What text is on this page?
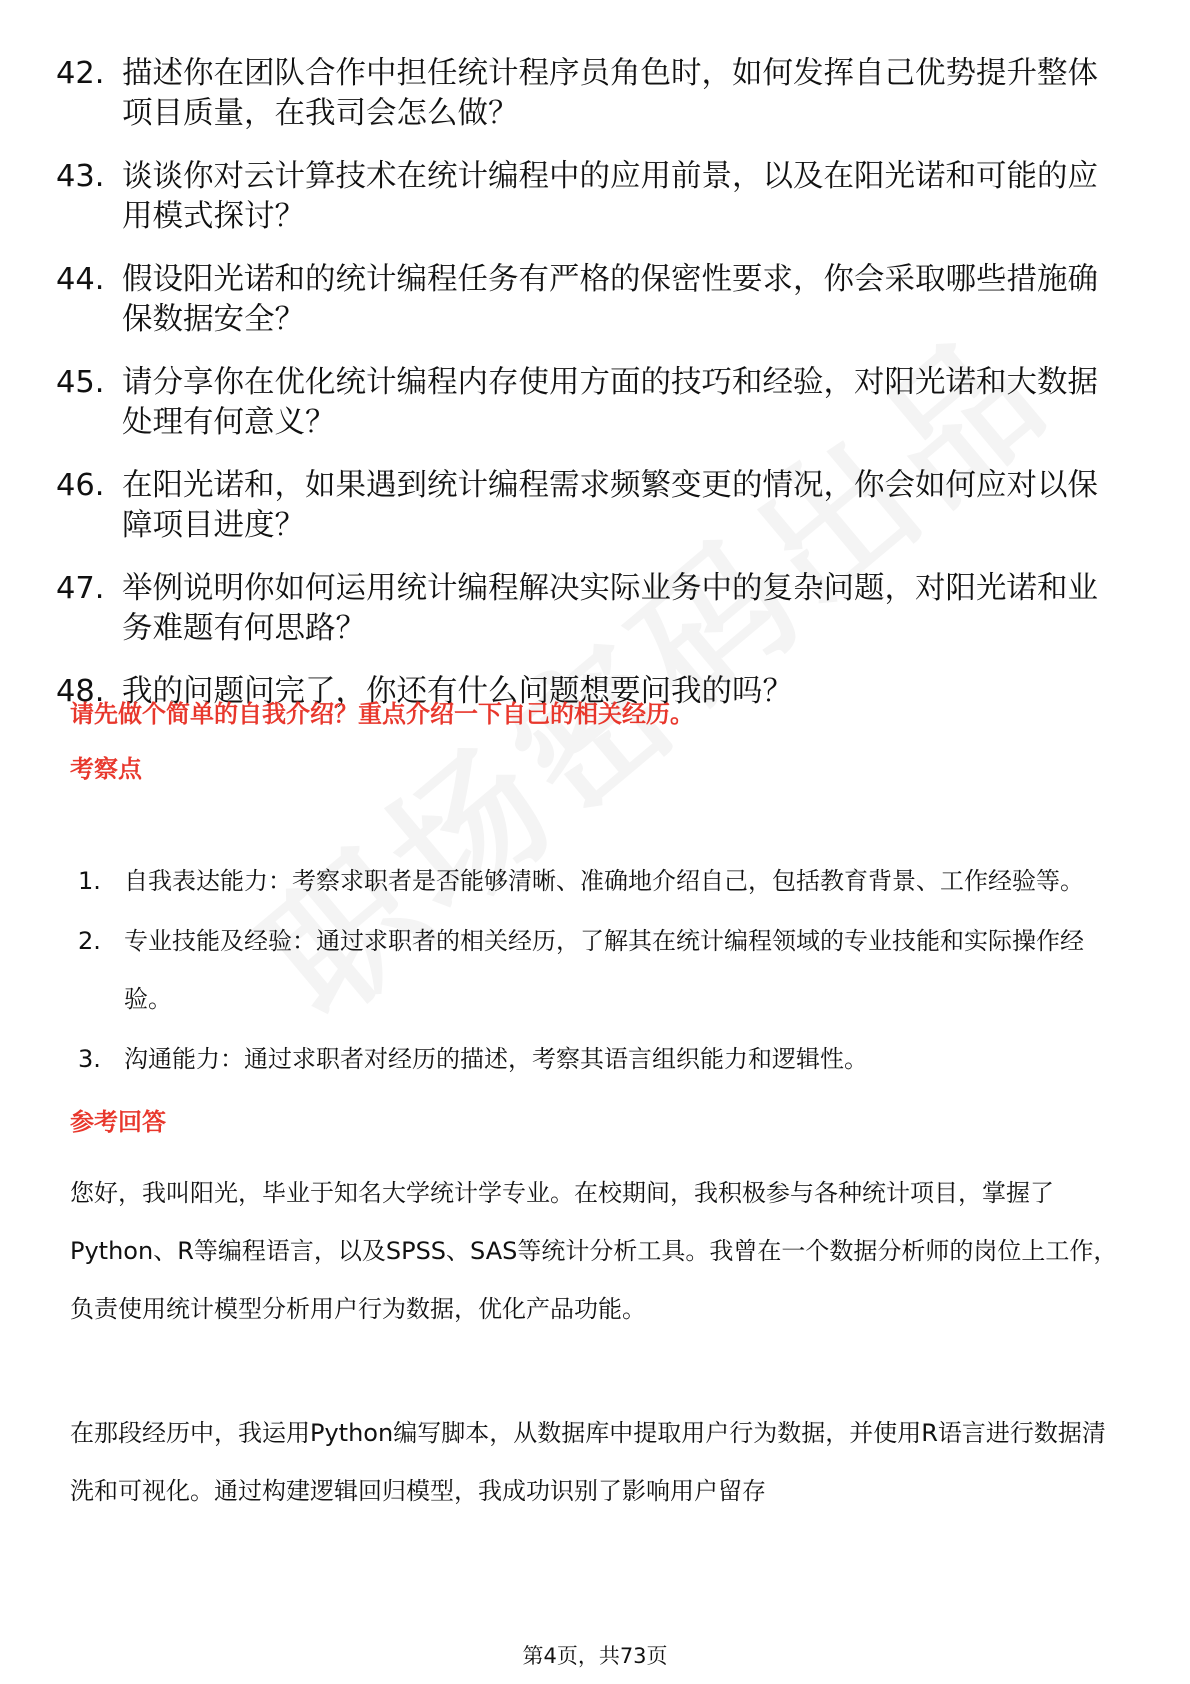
42. 描述你在团队合作中担任统计程序员角色时，如何发挥自己优势提升整体项目质量，在我司会怎么做？
43. 谈谈你对云计算技术在统计编程中的应用前景，以及在阳光诺和可能的应用模式探讨？
44. 假设阳光诺和的统计编程任务有严格的保密性要求，你会采取哪些措施确保数据安全？
45. 请分享你在优化统计编程内存使用方面的技巧和经验，对阳光诺和大数据处理有何意义？
46. 在阳光诺和，如果遇到统计编程需求频繁变更的情况，你会如何应对以保障项目进度？
47. 举例说明你如何运用统计编程解决实际业务中的复杂问题，对阳光诺和业务难题有何思路？
48. 我的问题问完了，你还有什么问题想要问我的吗？
请先做个简单的自我介绍？重点介绍一下自己的相关经历。
考察点
1. 自我表达能力：考察求职者是否能够清晰、准确地介绍自己，包括教育背景、工作经验等。
2. 专业技能及经验：通过求职者的相关经历，了解其在统计编程领域的专业技能和实际操作经验。
3. 沟通能力：通过求职者对经历的描述，考察其语言组织能力和逻辑性。
参考回答

您好，我叫阳光，毕业于知名大学统计学专业。在校期间，我积极参与各种统计项目，掌握了Python、R等编程语言，以及SPSS、SAS等统计分析工具。我曾在一个数据分析师的岗位上工作，负责使用统计模型分析用户行为数据，优化产品功能。

在那段经历中，我运用Python编写脚本，从数据库中提取用户行为数据，并使用R语言进行数据清洗和可视化。通过构建逻辑回归模型，我成功识别了影响用户留存

第4页，共73页
